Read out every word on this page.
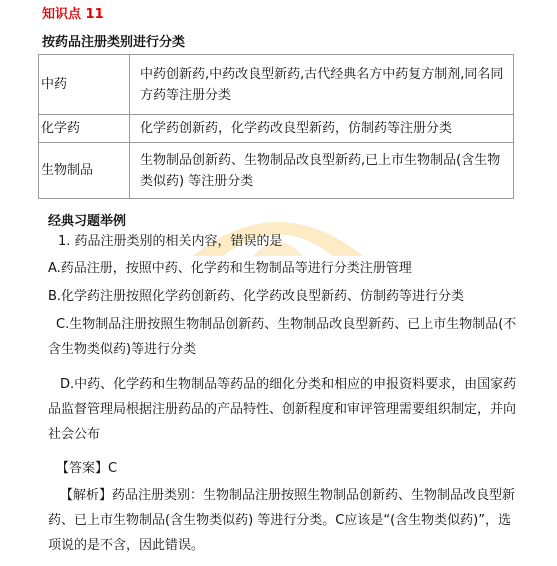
知识点 11
按药品注册类别进行分类
中药	中药创新药,中药改良型新药,古代经典名方中药复方制剂,同名同方药等注册分类
化学药	化学药创新药，化学药改良型新药，仿制药等注册分类
生物制品	生物制品创新药、生物制品改良型新药,已上市生物制品(含生物类似药) 等注册分类
经典习题举例

1. 药品注册类别的相关内容，错误的是

A.药品注册，按照中药、化学药和生物制品等进行分类注册管理

B.化学药注册按照化学药创新药、化学药改良型新药、仿制药等进行分类

C.生物制品注册按照生物制品创新药、生物制品改良型新药、已上市生物制品(不含生物类似药)等进行分类

D.中药、化学药和生物制品等药品的细化分类和相应的申报资料要求，由国家药品监督管理局根据注册药品的产品特性、创新程度和审评管理需要组织制定，并向社会公布

【答案】C

【解析】药品注册类别：生物制品注册按照生物制品创新药、生物制品改良型新药、已上市生物制品(含生物类似药) 等进行分类。C应该是“(含生物类似药)”，选项说的是不含，因此错误。
